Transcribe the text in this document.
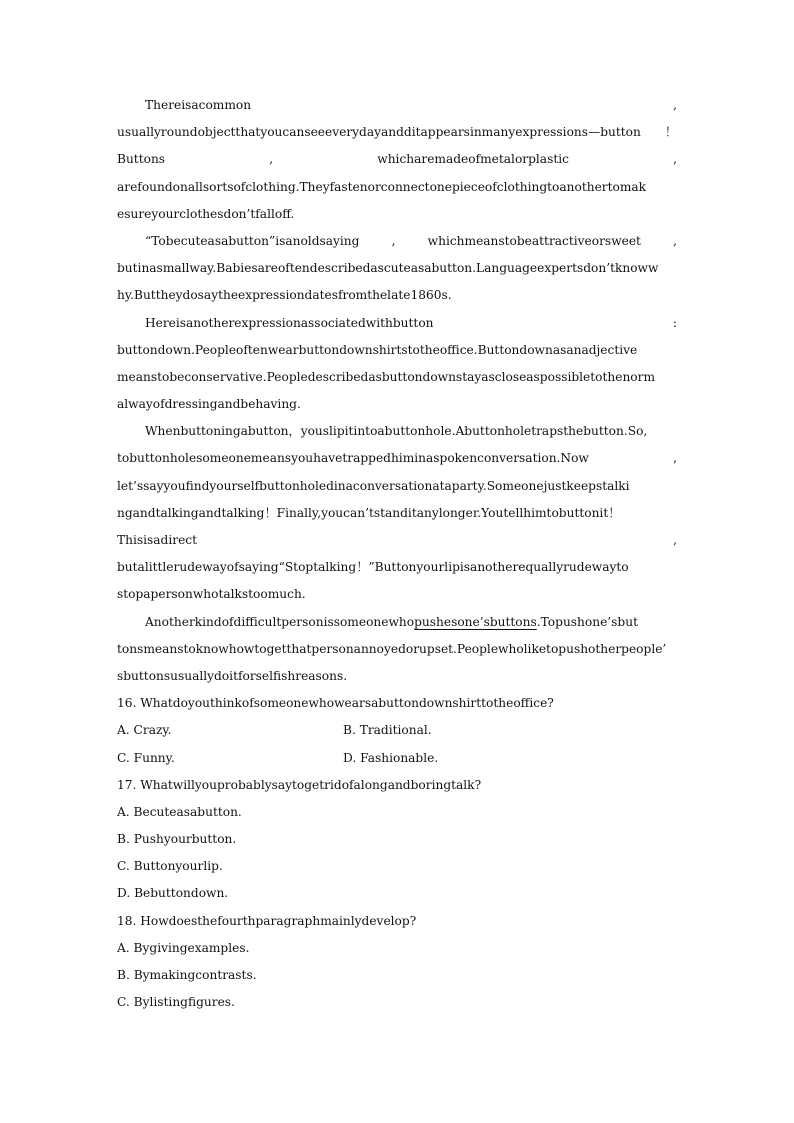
Thereisacommon	,
usuallyroundobjectthatyoucanseeeverydayandditappearsinmanyexpressions—button ！
Buttons	,	whicharemadeofmetalorplastic	,
arefoundonallsortsofclothing.Theyfastenorconnectonepieceofclothingtoanothertomak
esureyourclothesdon’tfalloff.
“Tobecuteasabutton”isanoldsaying	,	whichmeanstobeattractiveorsweet	,
butinasmallway.Babiesareoftendescribedascuteasabutton.Languageexpertsdon’tknoww
hy.Buttheydosaytheexpressiondatesfromthelate1860s.
Hereisanotherexpressionassociatedwithbutton	:
buttondown.Peopleoftenwearbuttondownshirtstotheoffice.Buttondownasanadjective
meanstobeconservative.Peopledescribedasbuttondownstayascloseaspossibletothenorm
alwayofdressingandbehaving.
Whenbuttoningabutton，youslipitintoabuttonhole.Abuttonholetrapsthebutton.So,
tobuttonholesomeonemeansyouhavetrappedhiminaspokenconversation.Now	,
let’ssayyoufindyourselfbuttonholedinaconversationataparty.Someonejustkeepstalki
ngandtalkingandtalking！Finally,youcan’tstanditanylonger.Youtellhimtobuttonit！
Thisisadirect	,
butalittlerudewayofsaying“Stoptalking！”Buttonyourlipisanotherequallyrudewayto
stopapersonwhotalkstoomuch.
Anotherkindofdifficultpersonissomeonewhopushesone’sbuttons.Topushone’sbut
tonsmeanstoknowhowtogetthatpersonannoyedorupset.Peoplewholiketopushotherpeople’
sbuttonsusuallydoitforselfishreasons.
16. Whatdoyouthinkofsomeonewhowearsabuttondownshirttotheoffice?
A. Crazy.	B. Traditional.
C. Funny.	D. Fashionable.
17. Whatwillyouprobablysaytogetridofalongandboringtalk?
A. Becuteasabutton.
B. Pushyourbutton.
C. Buttonyourlip.
D. Bebuttondown.
18. Howdoesthefourthparagraphmainlydevelop?
A. Bygivingexamples.
B. Bymakingcontrasts.
C. Bylistingfigures.
